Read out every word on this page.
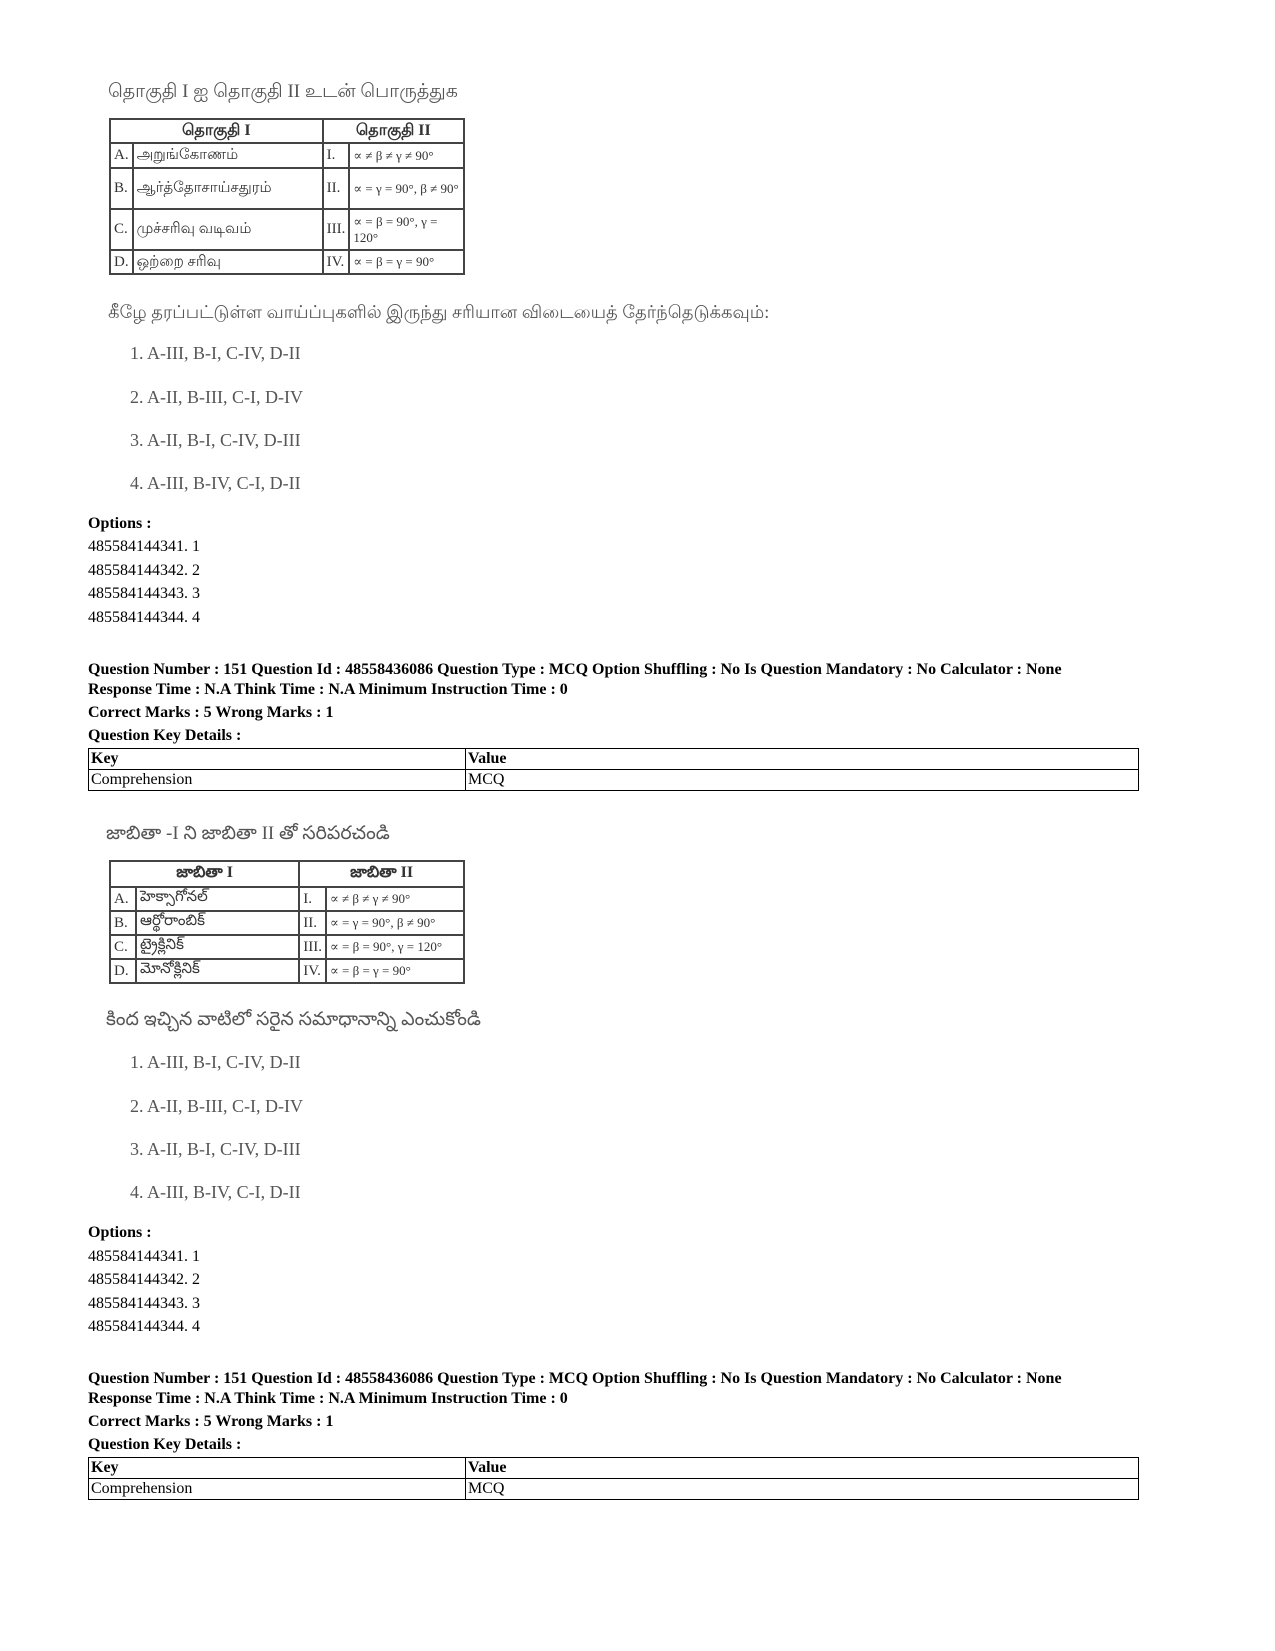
தொகுதி I ஐ தொகுதி II உடன் பொருத்துக
தொகுதி I		தொகுதி II	
A.	அறுங்கோணம்	I.	∝ ≠ β ≠ γ ≠ 90°
B.	ஆர்த்தோசாய்சதுரம்	II.	∝ = γ = 90°, β ≠ 90°
C.	முச்சரிவு வடிவம்	III.	∝ = β = 90°, γ = 120°
D.	ஒற்றை சரிவு	IV.	∝ = β = γ = 90°
கீழே தரப்பட்டுள்ள வாய்ப்புகளில் இருந்து சரியான விடையைத் தேர்ந்தெடுக்கவும்:
1. A-III, B-I, C-IV, D-II
2. A-II, B-III, C-I, D-IV
3. A-II, B-I, C-IV, D-III
4. A-III, B-IV, C-I, D-II
Options :
485584144341. 1
485584144342. 2
485584144343. 3
485584144344. 4
Question Number : 151 Question Id : 48558436086 Question Type : MCQ Option Shuffling : No Is Question Mandatory : No Calculator : None
Response Time : N.A Think Time : N.A Minimum Instruction Time : 0
Correct Marks : 5 Wrong Marks : 1
Question Key Details :
Key	Value
Comprehension	MCQ
జాబితా -I ని జాబితా II తో సరిపరచండి
జాబితా I		జాబితా II	
A.	హెక్సాగోనల్	I.	∝ ≠ β ≠ γ ≠ 90°
B.	ఆర్థోరాంబిక్	II.	∝ = γ = 90°, β ≠ 90°
C.	ట్రైక్లినిక్	III.	∝ = β = 90°, γ = 120°
D.	మోనోక్లినిక్	IV.	∝ = β = γ = 90°
కింద ఇచ్చిన వాటిలో సరైన సమాధానాన్ని ఎంచుకోండి
1. A-III, B-I, C-IV, D-II
2. A-II, B-III, C-I, D-IV
3. A-II, B-I, C-IV, D-III
4. A-III, B-IV, C-I, D-II
Options :
485584144341. 1
485584144342. 2
485584144343. 3
485584144344. 4
Question Number : 151 Question Id : 48558436086 Question Type : MCQ Option Shuffling : No Is Question Mandatory : No Calculator : None
Response Time : N.A Think Time : N.A Minimum Instruction Time : 0
Correct Marks : 5 Wrong Marks : 1
Question Key Details :
Key	Value
Comprehension	MCQ
